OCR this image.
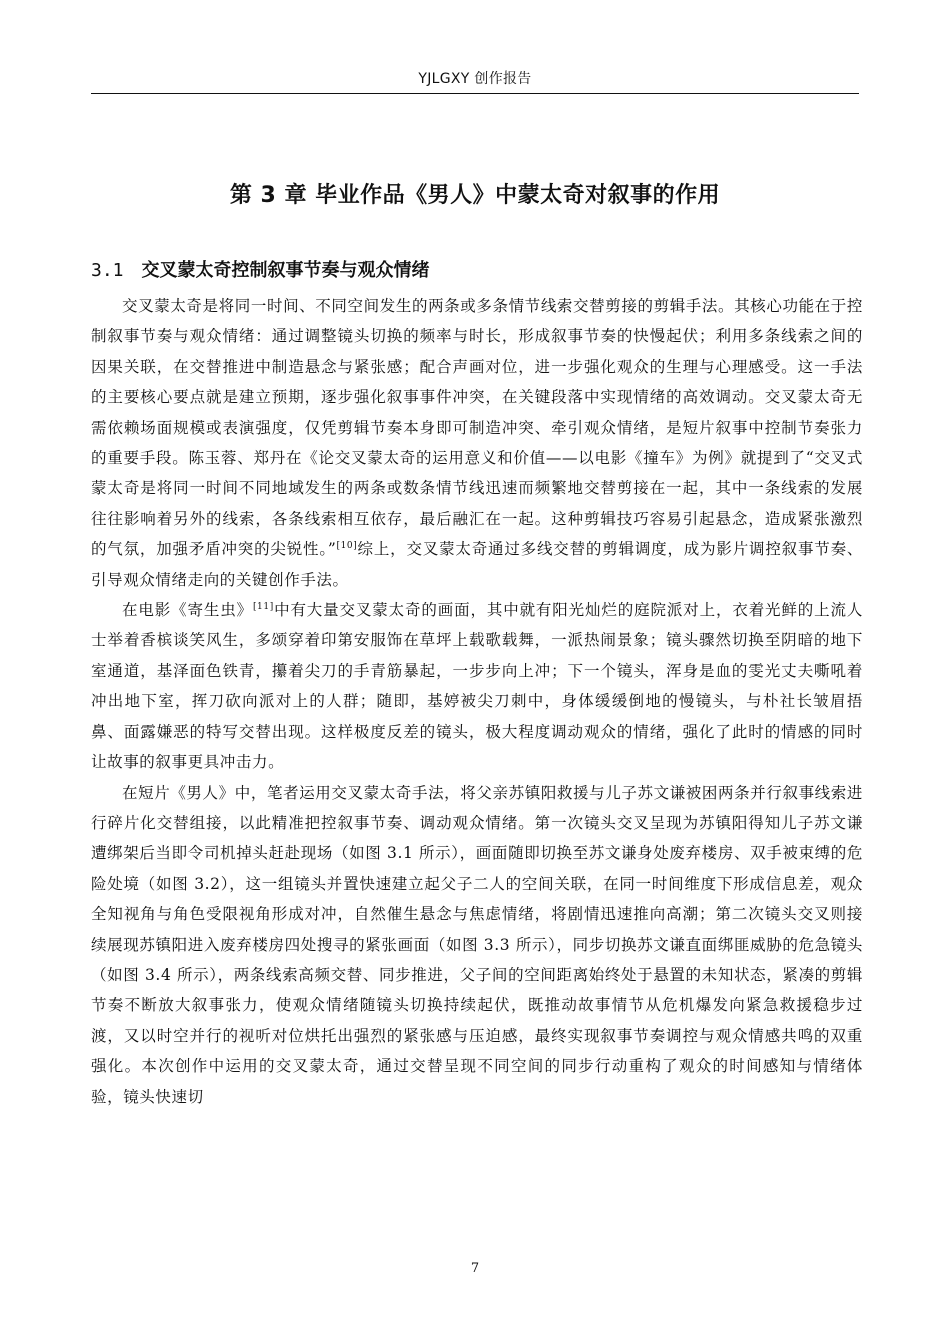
YJLGXY 创作报告
第 3 章 毕业作品《男人》中蒙太奇对叙事的作用
3.1 交叉蒙太奇控制叙事节奏与观众情绪

交叉蒙太奇是将同一时间、不同空间发生的两条或多条情节线索交替剪接的剪辑手法。其核心功能在于控制叙事节奏与观众情绪：通过调整镜头切换的频率与时长，形成叙事节奏的快慢起伏；利用多条线索之间的因果关联，在交替推进中制造悬念与紧张感；配合声画对位，进一步强化观众的生理与心理感受。这一手法的主要核心要点就是建立预期，逐步强化叙事事件冲突，在关键段落中实现情绪的高效调动。交叉蒙太奇无需依赖场面规模或表演强度，仅凭剪辑节奏本身即可制造冲突、牵引观众情绪，是短片叙事中控制节奏张力的重要手段。陈玉蓉、郑丹在《论交叉蒙太奇的运用意义和价值——以电影《撞车》为例》就提到了“交叉式蒙太奇是将同一时间不同地域发生的两条或数条情节线迅速而频繁地交替剪接在一起，其中一条线索的发展往往影响着另外的线索，各条线索相互依存，最后融汇在一起。这种剪辑技巧容易引起悬念，造成紧张激烈的气氛，加强矛盾冲突的尖锐性。”[10]综上，交叉蒙太奇通过多线交替的剪辑调度，成为影片调控叙事节奏、引导观众情绪走向的关键创作手法。

在电影《寄生虫》[11]中有大量交叉蒙太奇的画面，其中就有阳光灿烂的庭院派对上，衣着光鲜的上流人士举着香槟谈笑风生，多颂穿着印第安服饰在草坪上载歌载舞，一派热闹景象；镜头骤然切换至阴暗的地下室通道，基泽面色铁青，攥着尖刀的手青筋暴起，一步步向上冲；下一个镜头，浑身是血的雯光丈夫嘶吼着冲出地下室，挥刀砍向派对上的人群；随即，基婷被尖刀刺中，身体缓缓倒地的慢镜头，与朴社长皱眉捂鼻、面露嫌恶的特写交替出现。这样极度反差的镜头，极大程度调动观众的情绪，强化了此时的情感的同时让故事的叙事更具冲击力。

在短片《男人》中，笔者运用交叉蒙太奇手法，将父亲苏镇阳救援与儿子苏文谦被困两条并行叙事线索进行碎片化交替组接，以此精准把控叙事节奏、调动观众情绪。第一次镜头交叉呈现为苏镇阳得知儿子苏文谦遭绑架后当即令司机掉头赶赴现场（如图 3.1 所示），画面随即切换至苏文谦身处废弃楼房、双手被束缚的危险处境（如图 3.2），这一组镜头并置快速建立起父子二人的空间关联，在同一时间维度下形成信息差，观众全知视角与角色受限视角形成对冲，自然催生悬念与焦虑情绪，将剧情迅速推向高潮；第二次镜头交叉则接续展现苏镇阳进入废弃楼房四处搜寻的紧张画面（如图 3.3 所示），同步切换苏文谦直面绑匪威胁的危急镜头（如图 3.4 所示），两条线索高频交替、同步推进，父子间的空间距离始终处于悬置的未知状态，紧凑的剪辑节奏不断放大叙事张力，使观众情绪随镜头切换持续起伏，既推动故事情节从危机爆发向紧急救援稳步过渡，又以时空并行的视听对位烘托出强烈的紧张感与压迫感，最终实现叙事节奏调控与观众情感共鸣的双重强化。本次创作中运用的交叉蒙太奇，通过交替呈现不同空间的同步行动重构了观众的时间感知与情绪体验，镜头快速切

7
